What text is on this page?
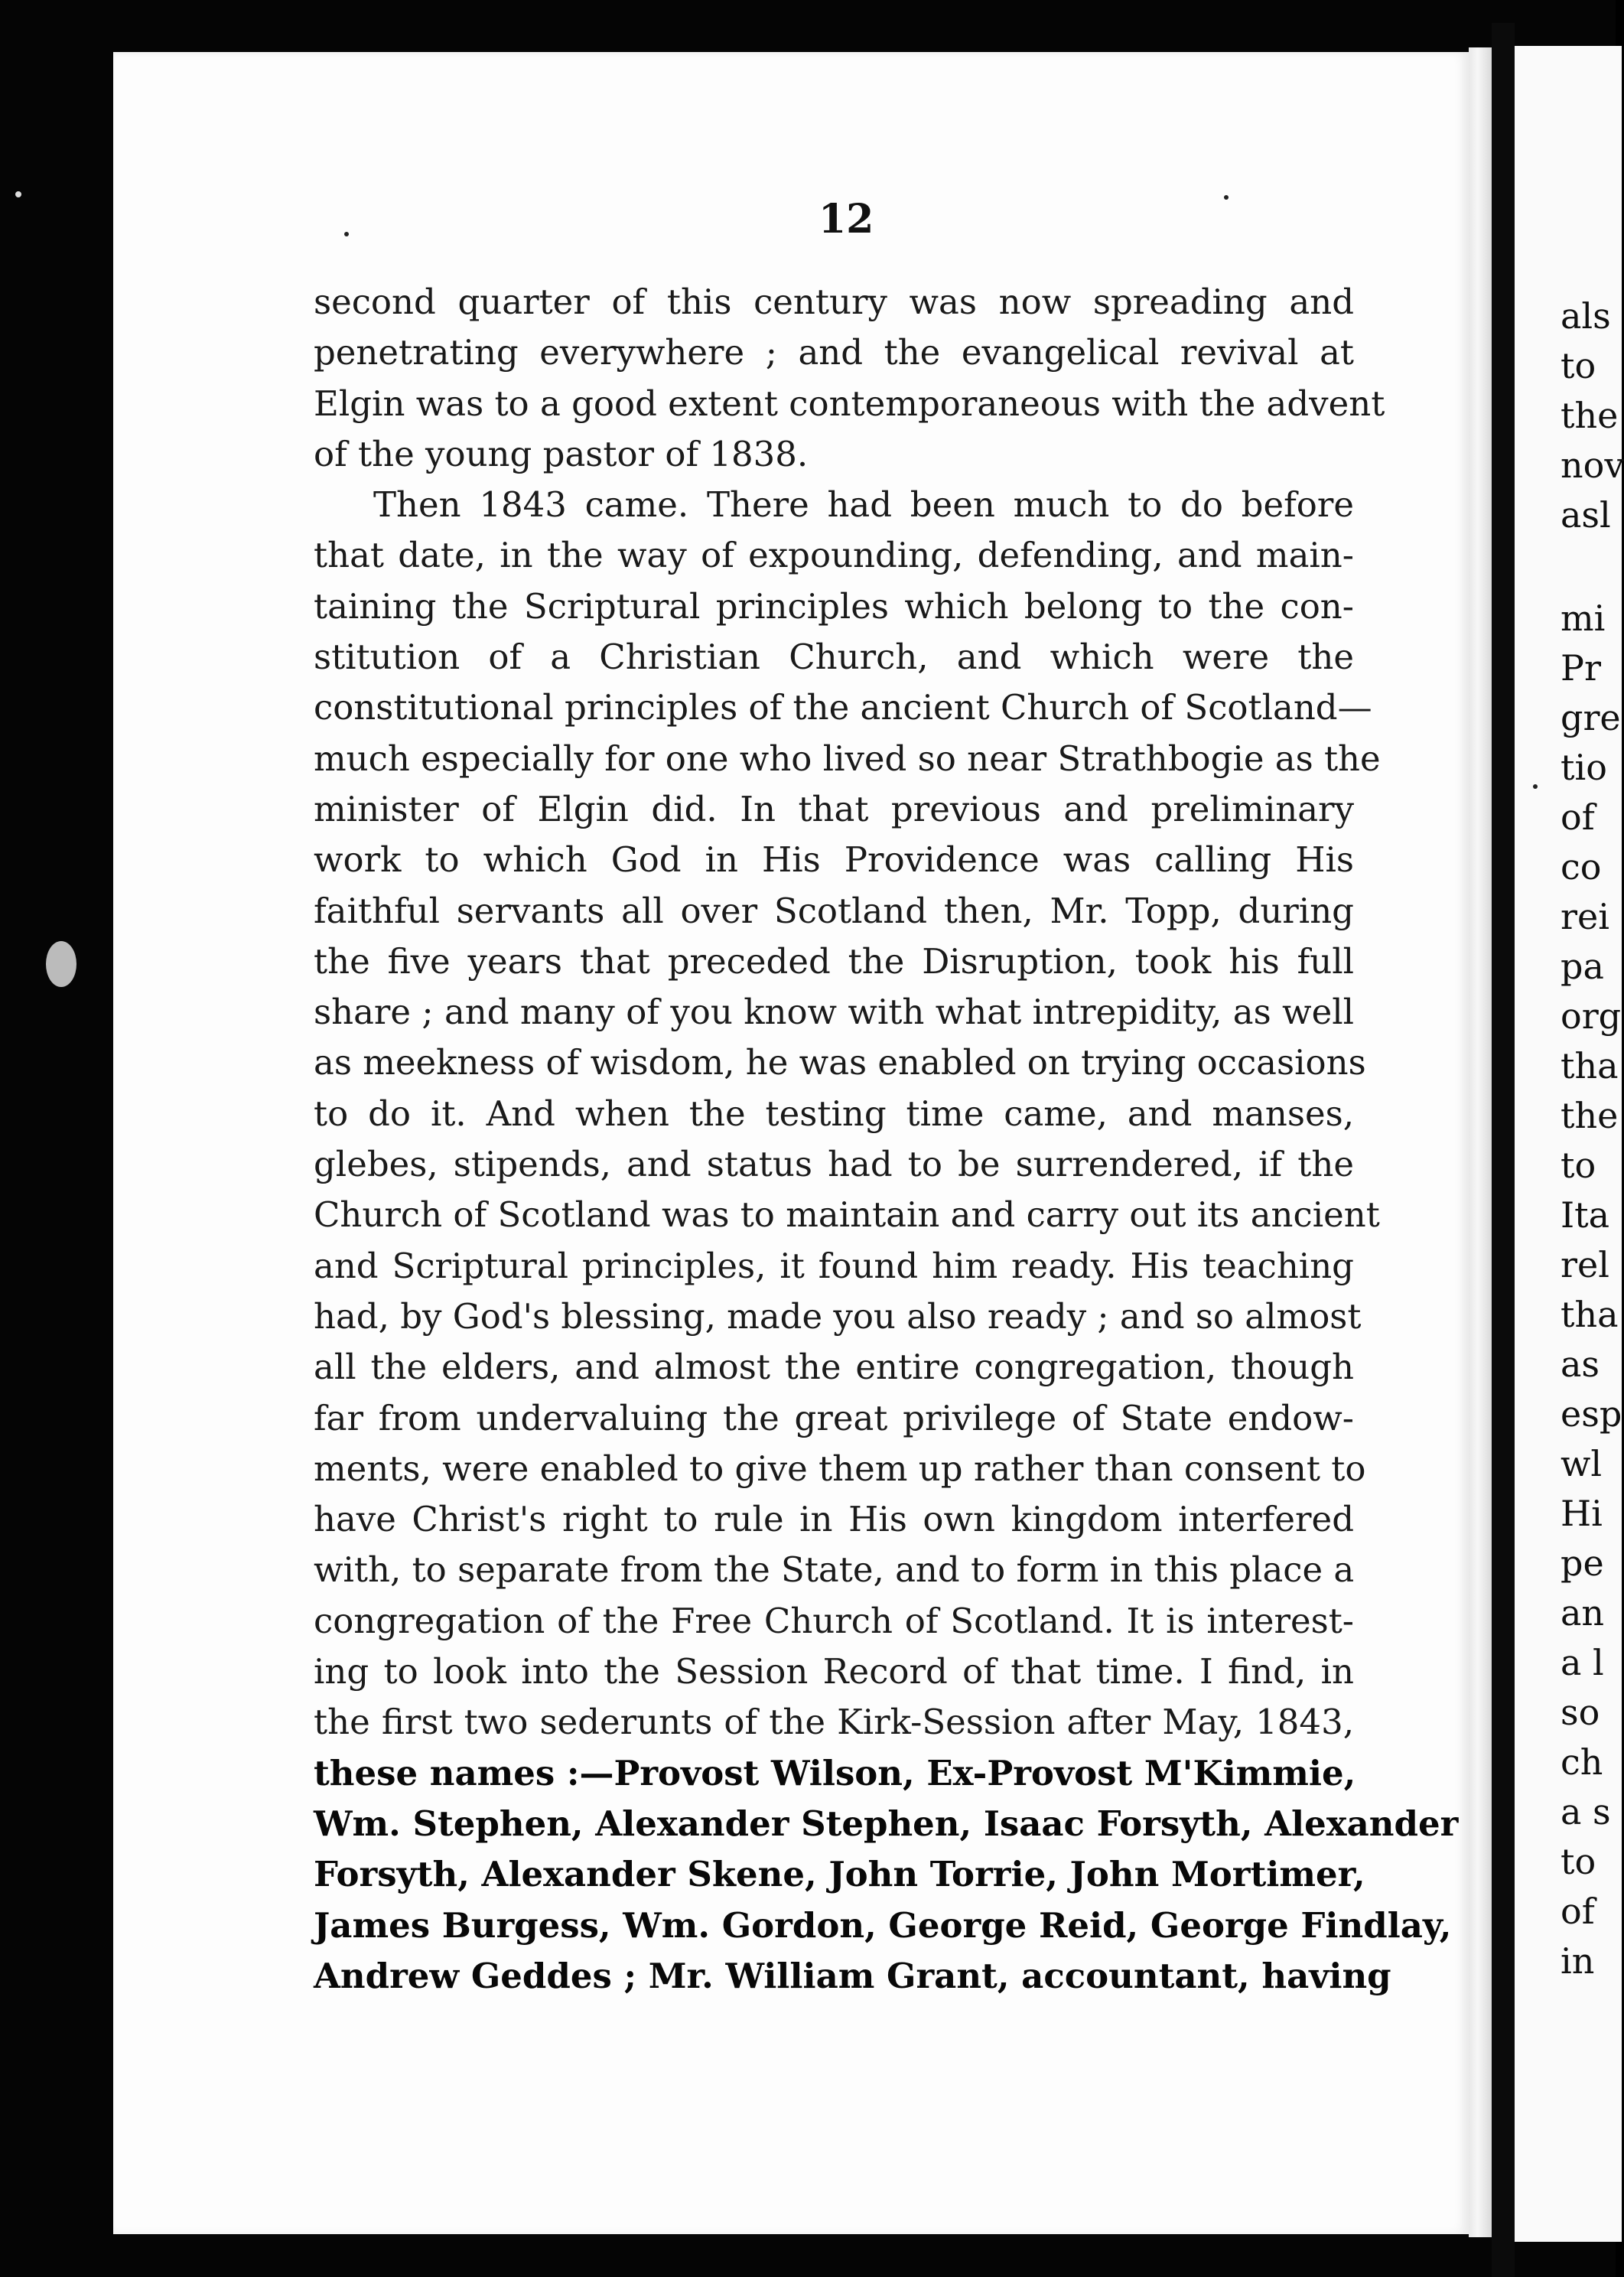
als
to
the
nov
asl
mi
Pr
gre
tio
of
co
rei
pa
org
tha
the
to
Ita
rel
tha
as
esp
wl
Hi
pe
an
a l
so
ch
a s
to
of
in
12
second quarter of this century was now spreading and
penetrating everywhere ; and the evangelical revival at
Elgin was to a good extent contemporaneous with the advent
of the young pastor of 1838.
Then 1843 came. There had been much to do before
that date, in the way of expounding, defending, and main-
taining the Scriptural principles which belong to the con-
stitution of a Christian Church, and which were the
constitutional principles of the ancient Church of Scotland—
much especially for one who lived so near Strathbogie as the
minister of Elgin did. In that previous and preliminary
work to which God in His Providence was calling His
faithful servants all over Scotland then, Mr. Topp, during
the five years that preceded the Disruption, took his full
share ; and many of you know with what intrepidity, as well
as meekness of wisdom, he was enabled on trying occasions
to do it. And when the testing time came, and manses,
glebes, stipends, and status had to be surrendered, if the
Church of Scotland was to maintain and carry out its ancient
and Scriptural principles, it found him ready. His teaching
had, by God's blessing, made you also ready ; and so almost
all the elders, and almost the entire congregation, though
far from undervaluing the great privilege of State endow-
ments, were enabled to give them up rather than consent to
have Christ's right to rule in His own kingdom interfered
with, to separate from the State, and to form in this place a
congregation of the Free Church of Scotland. It is interest-
ing to look into the Session Record of that time. I find, in
the first two sederunts of the Kirk-Session after May, 1843,
these names :—Provost Wilson, Ex-Provost M'Kimmie,
Wm. Stephen, Alexander Stephen, Isaac Forsyth, Alexander
Forsyth, Alexander Skene, John Torrie, John Mortimer,
James Burgess, Wm. Gordon, George Reid, George Findlay,
Andrew Geddes ; Mr. William Grant, accountant, having
